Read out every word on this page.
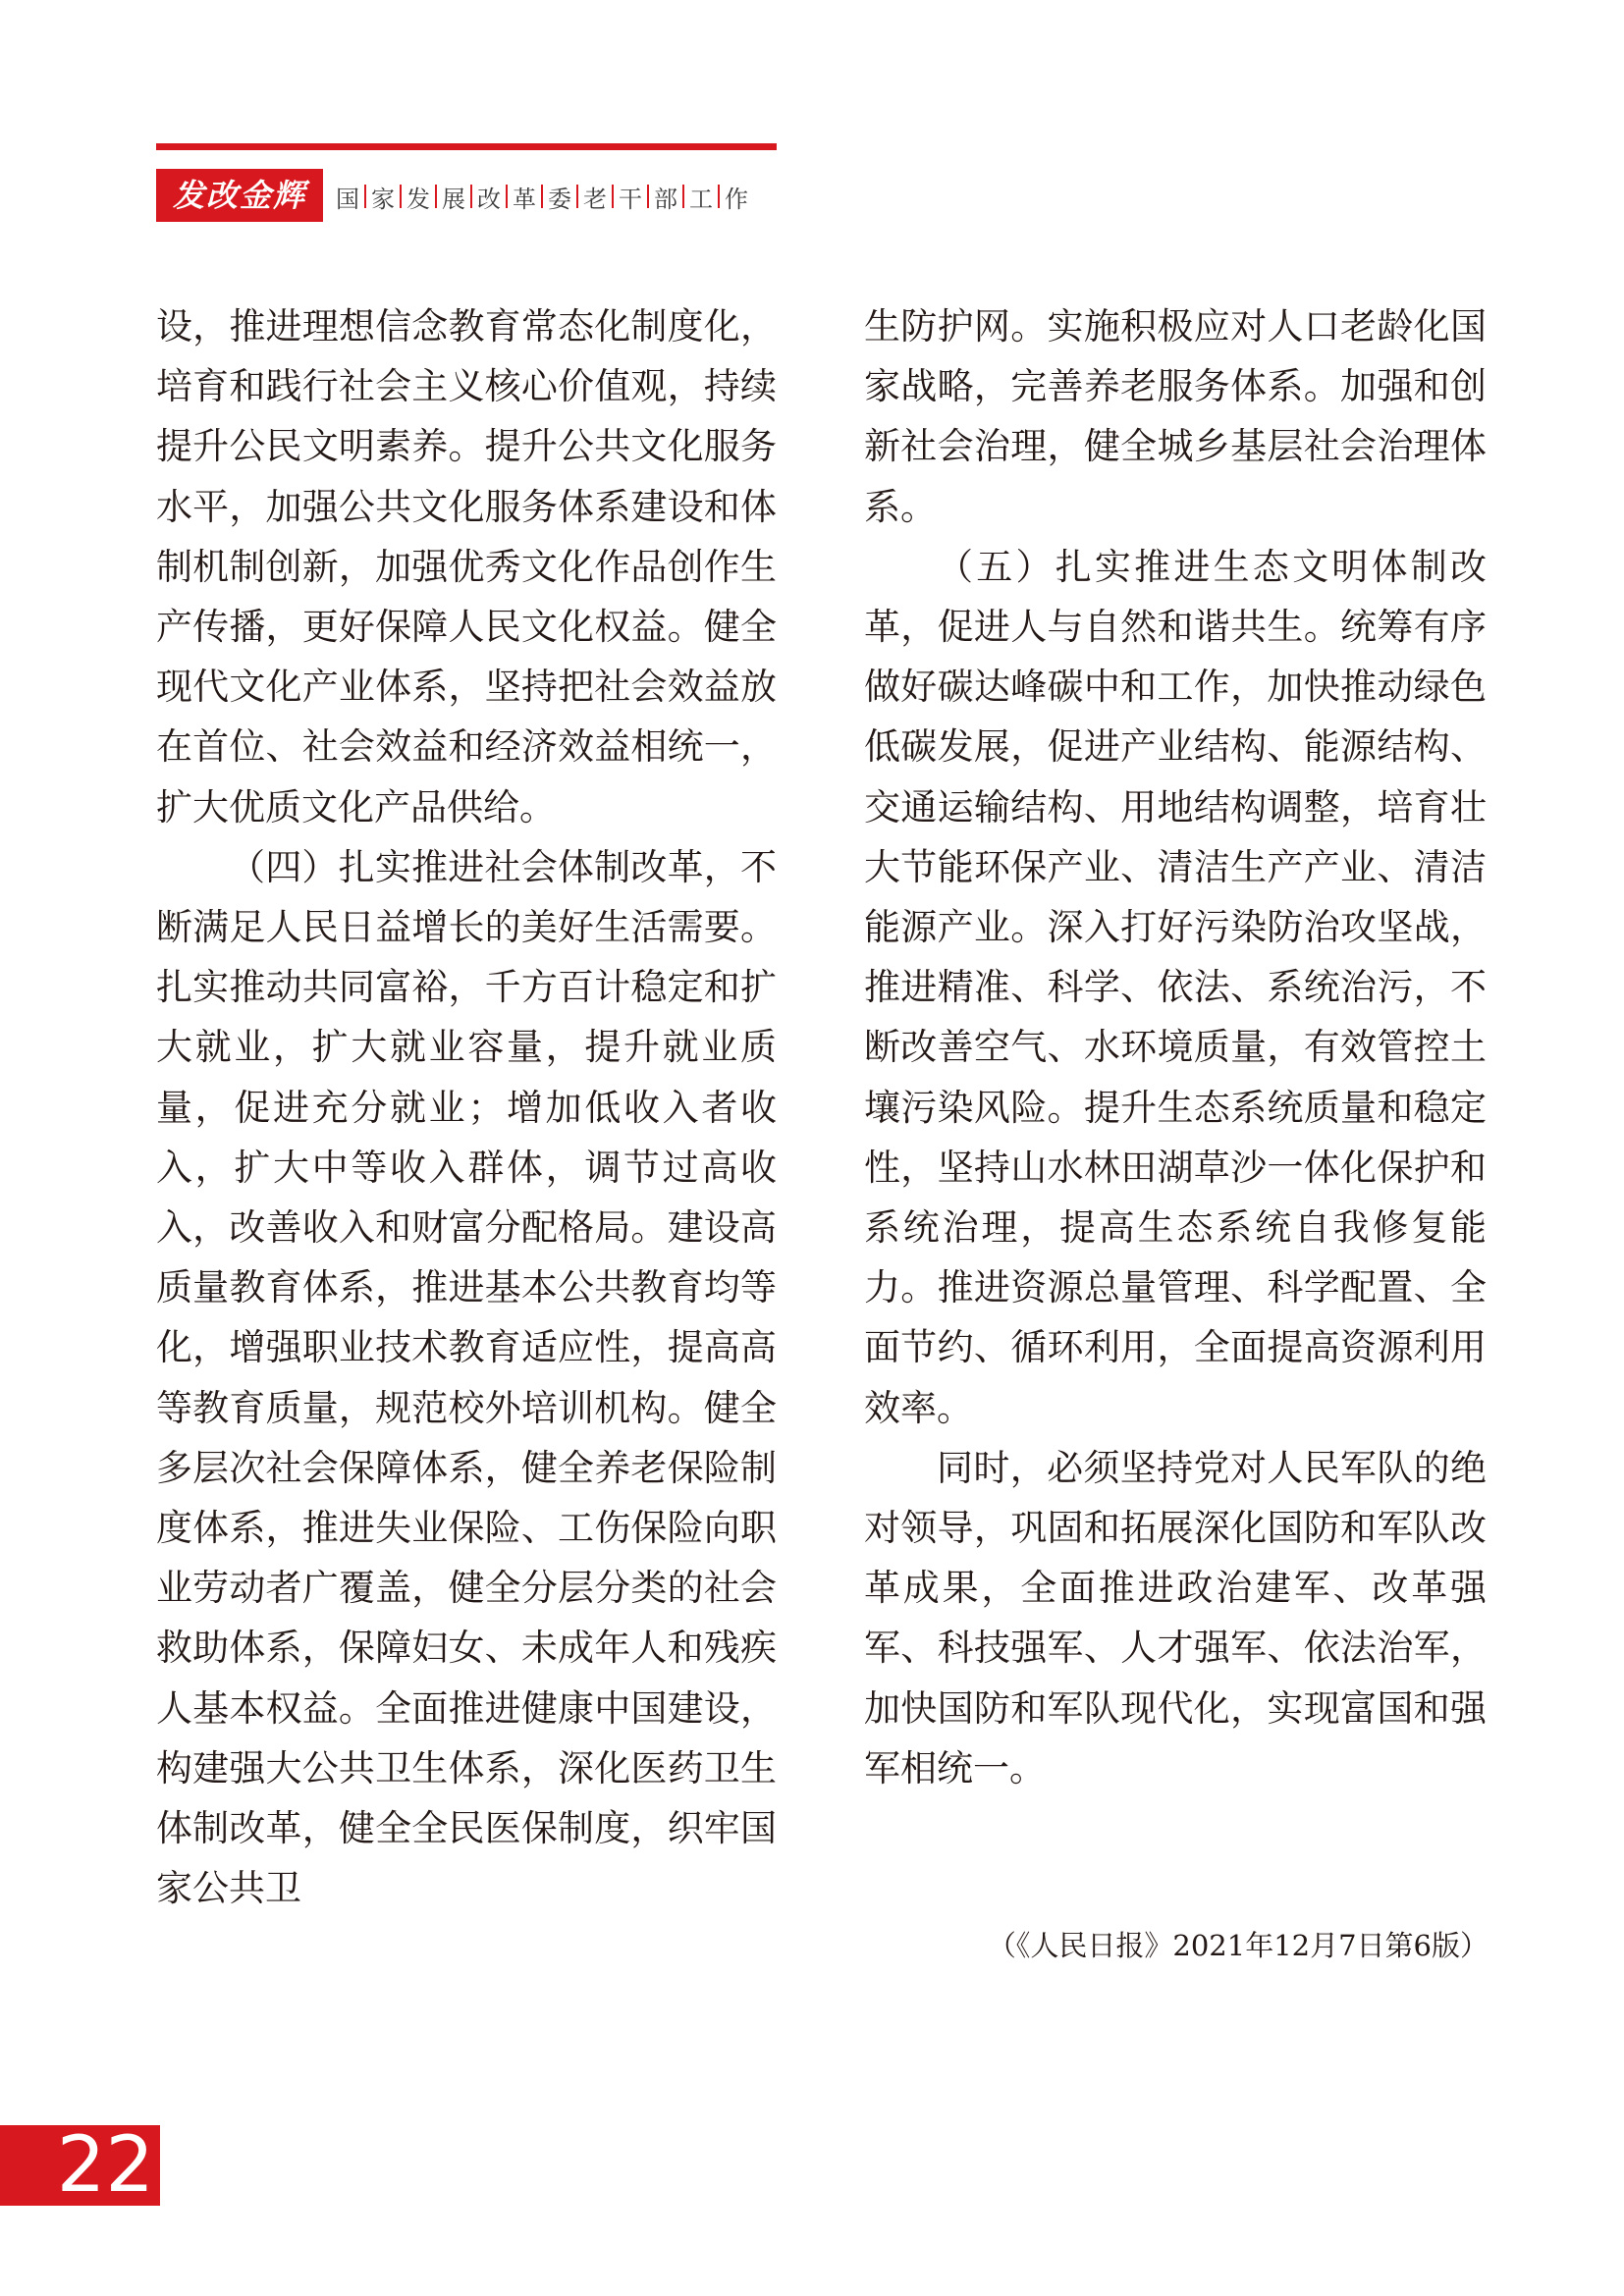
发改金辉	国 家 发 展 改 革 委 老 干 部 工 作

设，推进理想信念教育常态化制度化，培育和践行社会主义核心价值观，持续提升公民文明素养。提升公共文化服务水平，加强公共文化服务体系建设和体制机制创新，加强优秀文化作品创作生产传播，更好保障人民文化权益。健全现代文化产业体系，坚持把社会效益放在首位、社会效益和经济效益相统一，扩大优质文化产品供给。

（四）扎实推进社会体制改革，不断满足人民日益增长的美好生活需要。扎实推动共同富裕，千方百计稳定和扩大就业，扩大就业容量，提升就业质量，促进充分就业；增加低收入者收入，扩大中等收入群体，调节过高收入，改善收入和财富分配格局。建设高质量教育体系，推进基本公共教育均等化，增强职业技术教育适应性，提高高等教育质量，规范校外培训机构。健全多层次社会保障体系，健全养老保险制度体系，推进失业保险、工伤保险向职业劳动者广覆盖，健全分层分类的社会救助体系，保障妇女、未成年人和残疾人基本权益。全面推进健康中国建设，构建强大公共卫生体系，深化医药卫生体制改革，健全全民医保制度，织牢国家公共卫

生防护网。实施积极应对人口老龄化国家战略，完善养老服务体系。加强和创新社会治理，健全城乡基层社会治理体系。

（五）扎实推进生态文明体制改革，促进人与自然和谐共生。统筹有序做好碳达峰碳中和工作，加快推动绿色低碳发展，促进产业结构、能源结构、交通运输结构、用地结构调整，培育壮大节能环保产业、清洁生产产业、清洁能源产业。深入打好污染防治攻坚战，推进精准、科学、依法、系统治污，不断改善空气、水环境质量，有效管控土壤污染风险。提升生态系统质量和稳定性，坚持山水林田湖草沙一体化保护和系统治理，提高生态系统自我修复能力。推进资源总量管理、科学配置、全面节约、循环利用，全面提高资源利用效率。

同时，必须坚持党对人民军队的绝对领导，巩固和拓展深化国防和军队改革成果，全面推进政治建军、改革强军、科技强军、人才强军、依法治军，加快国防和军队现代化，实现富国和强军相统一。

（《人民日报》2021年12月7日第6版）
22
